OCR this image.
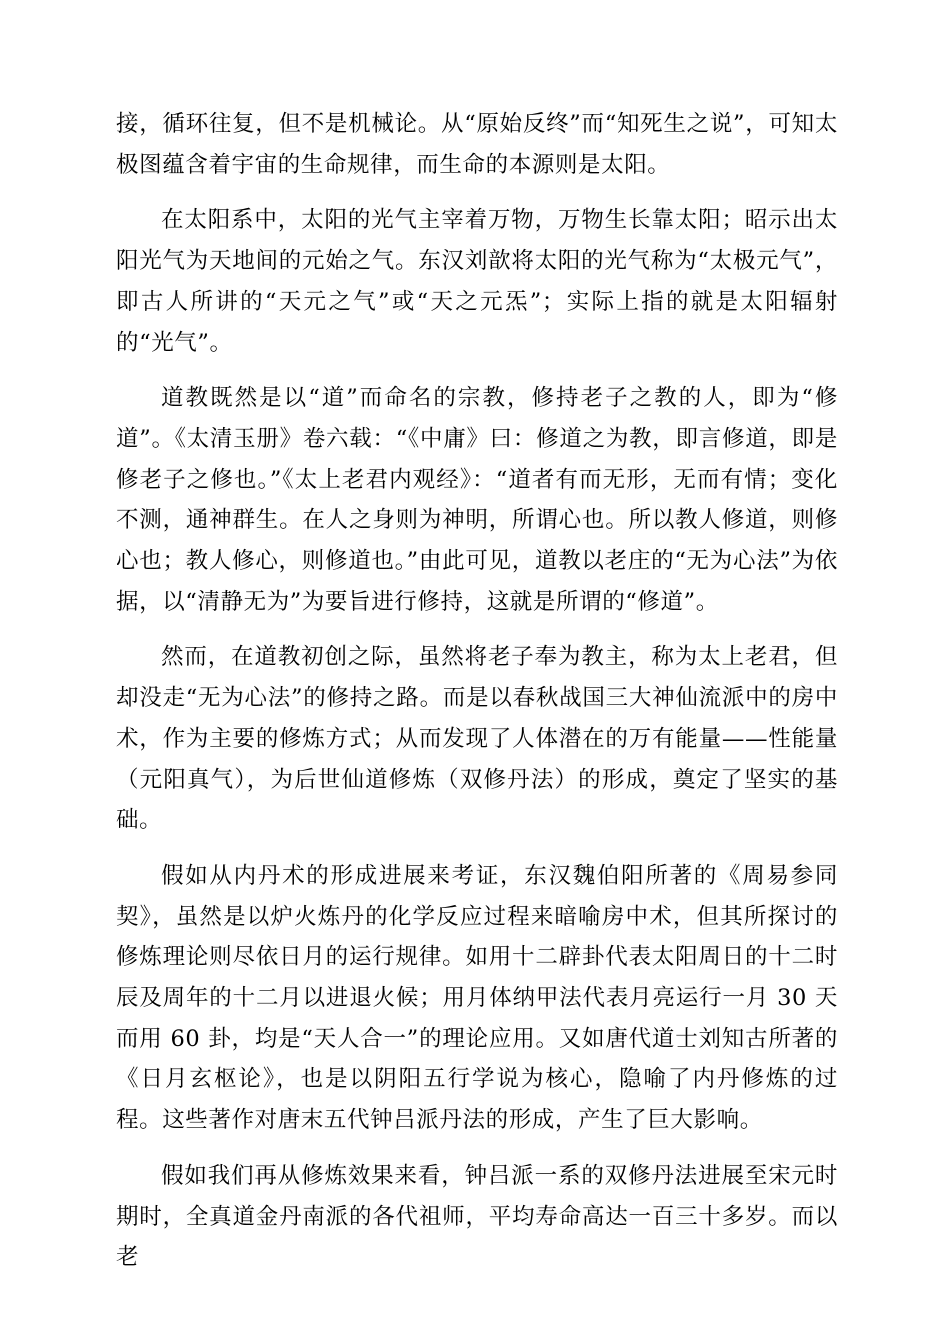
接，循环往复，但不是机械论。从“原始反终”而“知死生之说”，可知太极图蕴含着宇宙的生命规律，而生命的本源则是太阳。

在太阳系中，太阳的光气主宰着万物，万物生长靠太阳；昭示出太阳光气为天地间的元始之气。东汉刘歆将太阳的光气称为“太极元气”，即古人所讲的“天元之气”或“天之元炁”；实际上指的就是太阳辐射的“光气”。

道教既然是以“道”而命名的宗教，修持老子之教的人，即为“修道”。《太清玉册》卷六载：“《中庸》曰：修道之为教，即言修道，即是修老子之修也。”《太上老君内观经》：“道者有而无形，无而有情；变化不测，通神群生。在人之身则为神明，所谓心也。所以教人修道，则修心也；教人修心，则修道也。”由此可见，道教以老庄的“无为心法”为依据，以“清静无为”为要旨进行修持，这就是所谓的“修道”。

然而，在道教初创之际，虽然将老子奉为教主，称为太上老君，但却没走“无为心法”的修持之路。而是以春秋战国三大神仙流派中的房中术，作为主要的修炼方式；从而发现了人体潜在的万有能量——性能量（元阳真气），为后世仙道修炼（双修丹法）的形成，奠定了坚实的基础。

假如从内丹术的形成进展来考证，东汉魏伯阳所著的《周易参同契》，虽然是以炉火炼丹的化学反应过程来暗喻房中术，但其所探讨的修炼理论则尽依日月的运行规律。如用十二辟卦代表太阳周日的十二时辰及周年的十二月以进退火候；用月体纳甲法代表月亮运行一月 30 天而用 60 卦，均是“天人合一”的理论应用。又如唐代道士刘知古所著的《日月玄枢论》，也是以阴阳五行学说为核心，隐喻了内丹修炼的过程。这些著作对唐末五代钟吕派丹法的形成，产生了巨大影响。

假如我们再从修炼效果来看，钟吕派一系的双修丹法进展至宋元时期时，全真道金丹南派的各代祖师，平均寿命高达一百三十多岁。而以老
